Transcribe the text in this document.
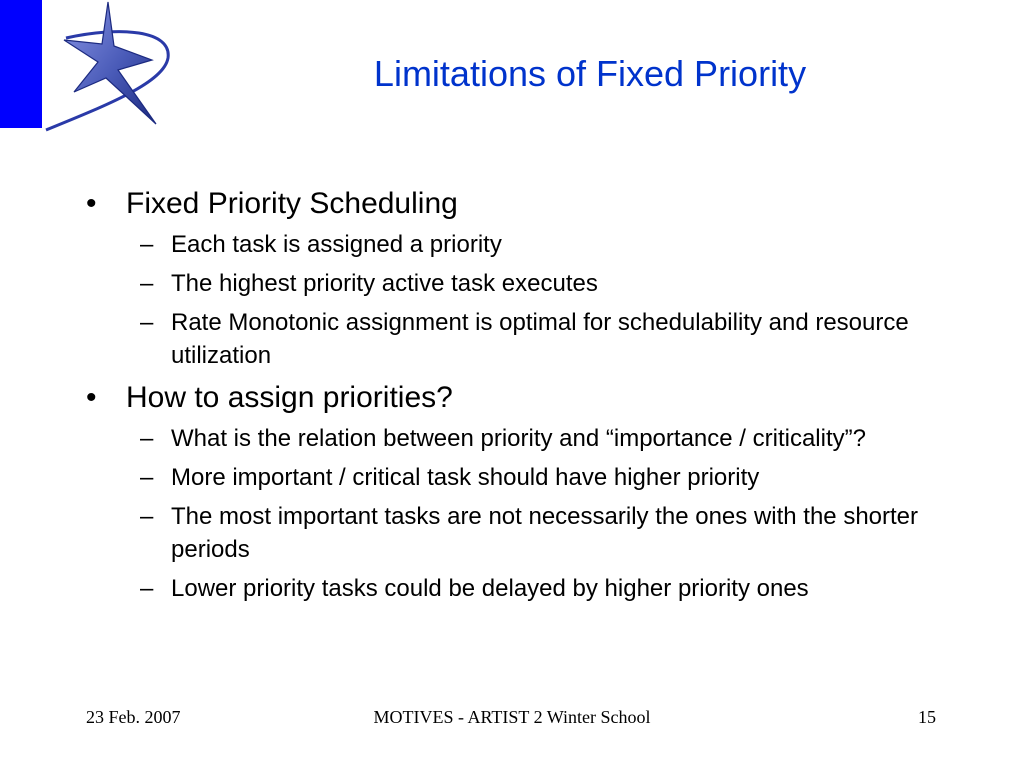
Limitations of Fixed Priority
• Fixed Priority Scheduling
– Each task is assigned a priority
– The highest priority active task executes
– Rate Monotonic assignment is optimal for schedulability and resource utilization
• How to assign priorities?
– What is the relation between priority and “importance / criticality”?
– More important / critical task should have higher priority
– The most important tasks are not necessarily the ones with the shorter periods
– Lower priority tasks could be delayed by higher priority ones
23 Feb. 2007	MOTIVES - ARTIST 2 Winter School	15
